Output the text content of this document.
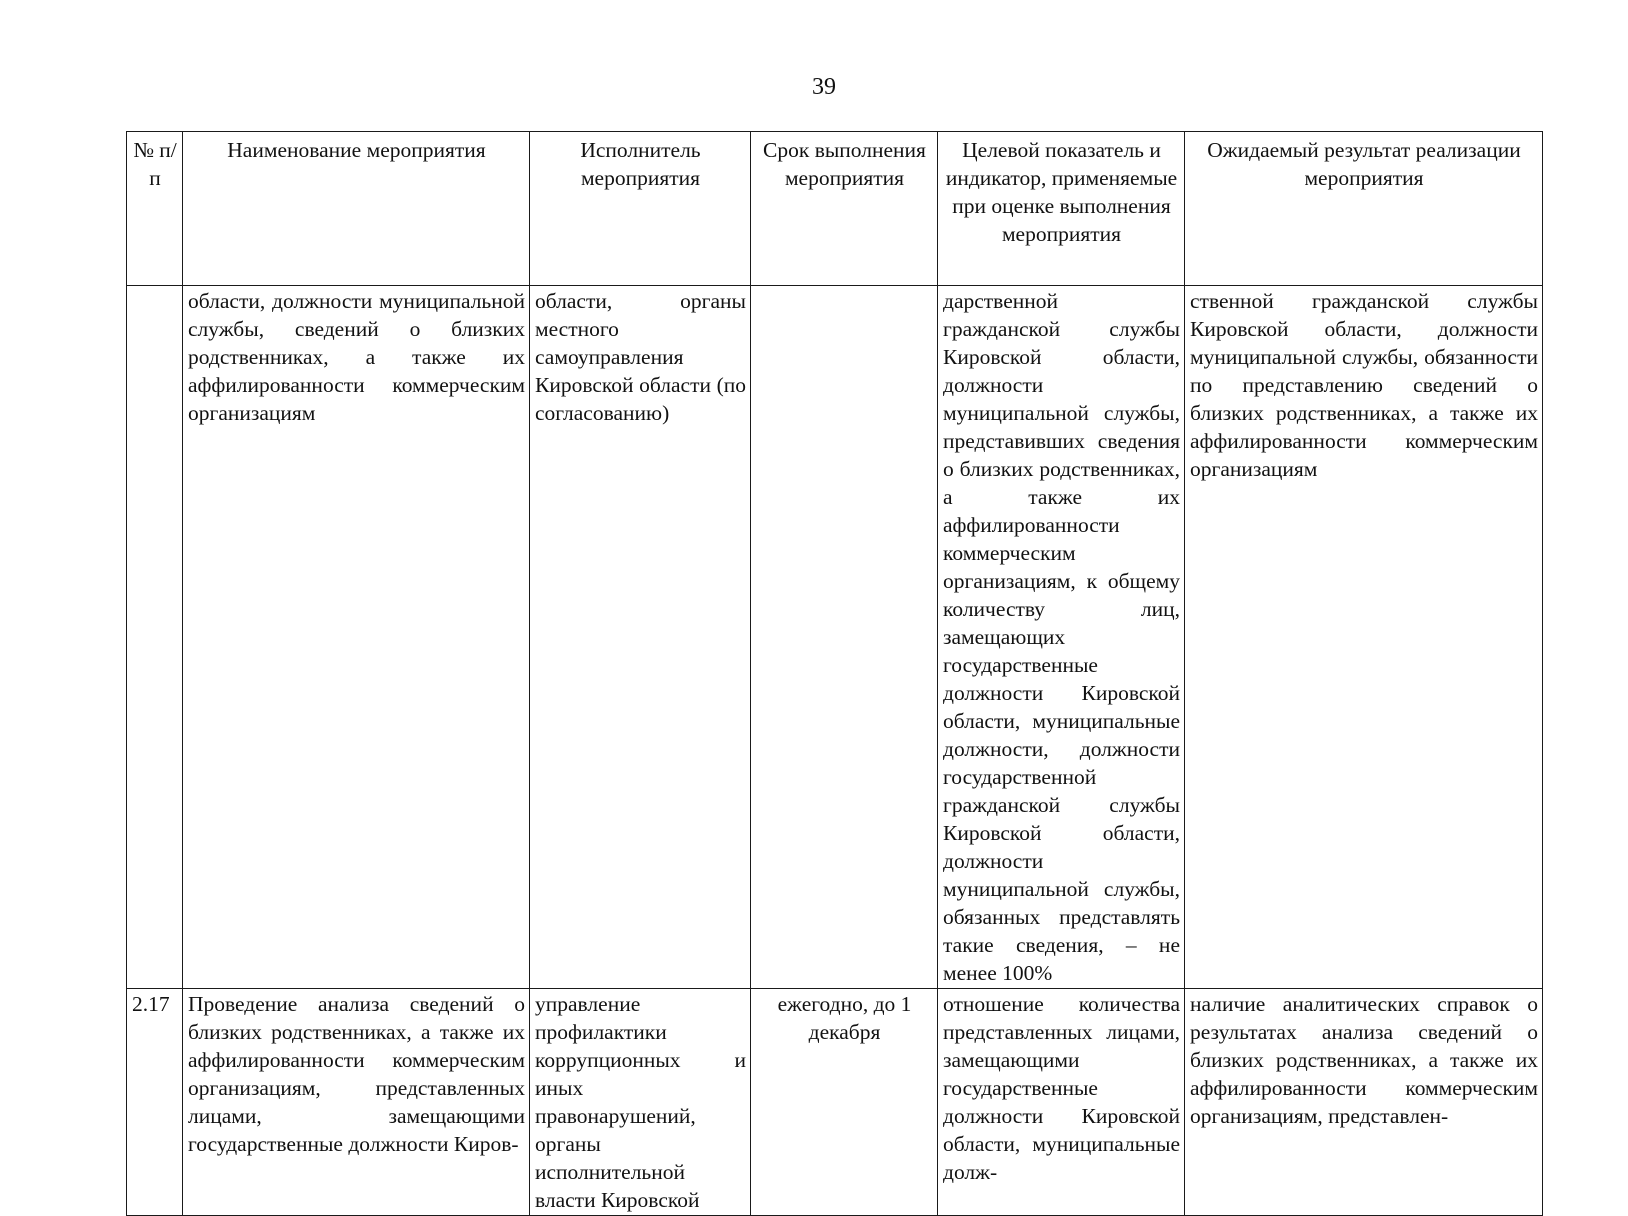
39
№ п/п	Наименование мероприятия	Исполнитель мероприятия	Срок выполнения мероприятия	Целевой показатель и индикатор, применяемые при оценке выполнения мероприятия	Ожидаемый результат реализации мероприятия
	области, должности муниципальной службы, сведений о близких родственниках, а также их аффилированности коммерческим организациям	области, органы местного самоуправления Кировской области (по согласованию)		дарственной гражданской службы Кировской области, должности муниципальной службы, представивших сведения о близких родственниках, а также их аффилированности коммерческим организациям, к общему количеству лиц, замещающих государственные должности Кировской области, муниципальные должности, должности государственной гражданской службы Кировской области, должности муниципальной службы, обязанных представлять такие сведения, – не менее 100%	ственной гражданской службы Кировской области, должности муниципальной службы, обязанности по представлению сведений о близких родственниках, а также их аффилированности коммерческим организациям
2.17	Проведение анализа сведений о близких родственниках, а также их аффилированности коммерческим организациям, представленных лицами, замещающими государственные должности Киров-	управление профилактики коррупционных и иных правонарушений, органы исполнительной власти Кировской	ежегодно, до 1 декабря	отношение количества представленных лицами, замещающими государственные должности Кировской области, муниципальные долж-	наличие аналитических справок о результатах анализа сведений о близких родственниках, а также их аффилированности коммерческим организациям, представлен-
